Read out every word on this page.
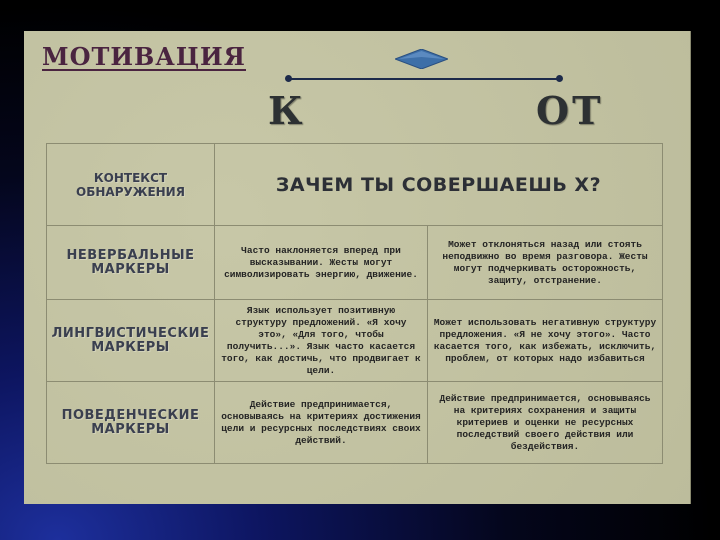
МОТИВАЦИЯ
К	ОТ
КОНТЕКСТ ОБНАРУЖЕНИЯ	ЗАЧЕМ ТЫ СОВЕРШАЕШЬ Х?	
НЕВЕРБАЛЬНЫЕ МАРКЕРЫ	Часто наклоняется вперед при высказывании. Жесты могут символизировать энергию, движение.	Может отклоняться назад или стоять неподвижно во время разговора. Жесты могут подчеркивать осторожность, защиту, отстранение.
ЛИНГВИСТИЧЕСКИЕ МАРКЕРЫ	Язык использует позитивную структуру предложений. «Я хочу это», «Для того, чтобы получить...». Язык часто касается того, как достичь, что продвигает к цели.	Может использовать негативную структуру предложения. «Я не хочу этого». Часто касается того, как избежать, исключить, проблем, от которых надо избавиться
ПОВЕДЕНЧЕСКИЕ МАРКЕРЫ	Действие предпринимается, основываясь на критериях достижения цели и ресурсных последствиях своих действий.	Действие предпринимается, основываясь на критериях сохранения и защиты критериев и оценки не ресурсных последствий своего действия или бездействия.
